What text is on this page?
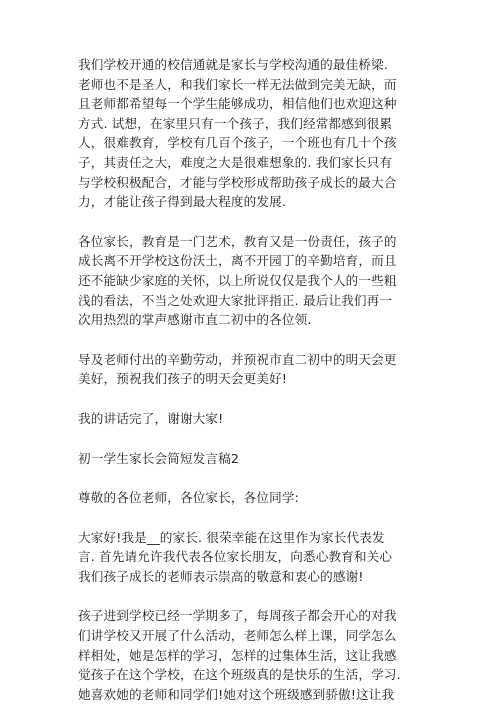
我们学校开通的校信通就是家长与学校沟通的最佳桥梁.
老师也不是圣人，和我们家长一样无法做到完美无缺，而
且老师都希望每一个学生能够成功，相信他们也欢迎这种
方式. 试想，在家里只有一个孩子，我们经常都感到很累
人，很难教育，学校有几百个孩子，一个班也有几十个孩
子，其责任之大，难度之大是很难想象的. 我们家长只有
与学校积极配合，才能与学校形成帮助孩子成长的最大合
力，才能让孩子得到最大程度的发展.

各位家长，教育是一门艺术，教育又是一份责任，孩子的
成长离不开学校这份沃土，离不开园丁的辛勤培育，而且
还不能缺少家庭的关怀，以上所说仅仅是我个人的一些粗
浅的看法，不当之处欢迎大家批评指正. 最后让我们再一
次用热烈的掌声感谢市直二初中的各位领.

导及老师付出的辛勤劳动，并预祝市直二初中的明天会更
美好，预祝我们孩子的明天会更美好!

我的讲话完了，谢谢大家!

初一学生家长会简短发言稿2

尊敬的各位老师，各位家长，各位同学:

大家好!我是__的家长. 很荣幸能在这里作为家长代表发
言. 首先请允许我代表各位家长朋友，向悉心教育和关心
我们孩子成长的老师表示崇高的敬意和衷心的感谢!

孩子进到学校已经一学期多了，每周孩子都会开心的对我
们讲学校又开展了什么活动，老师怎么样上课，同学怎么
样相处，她是怎样的学习，怎样的过集体生活，这让我感
觉孩子在这个学校，在这个班级真的是快乐的生活，学习.
她喜欢她的老师和同学们!她对这个班级感到骄傲!这让我
